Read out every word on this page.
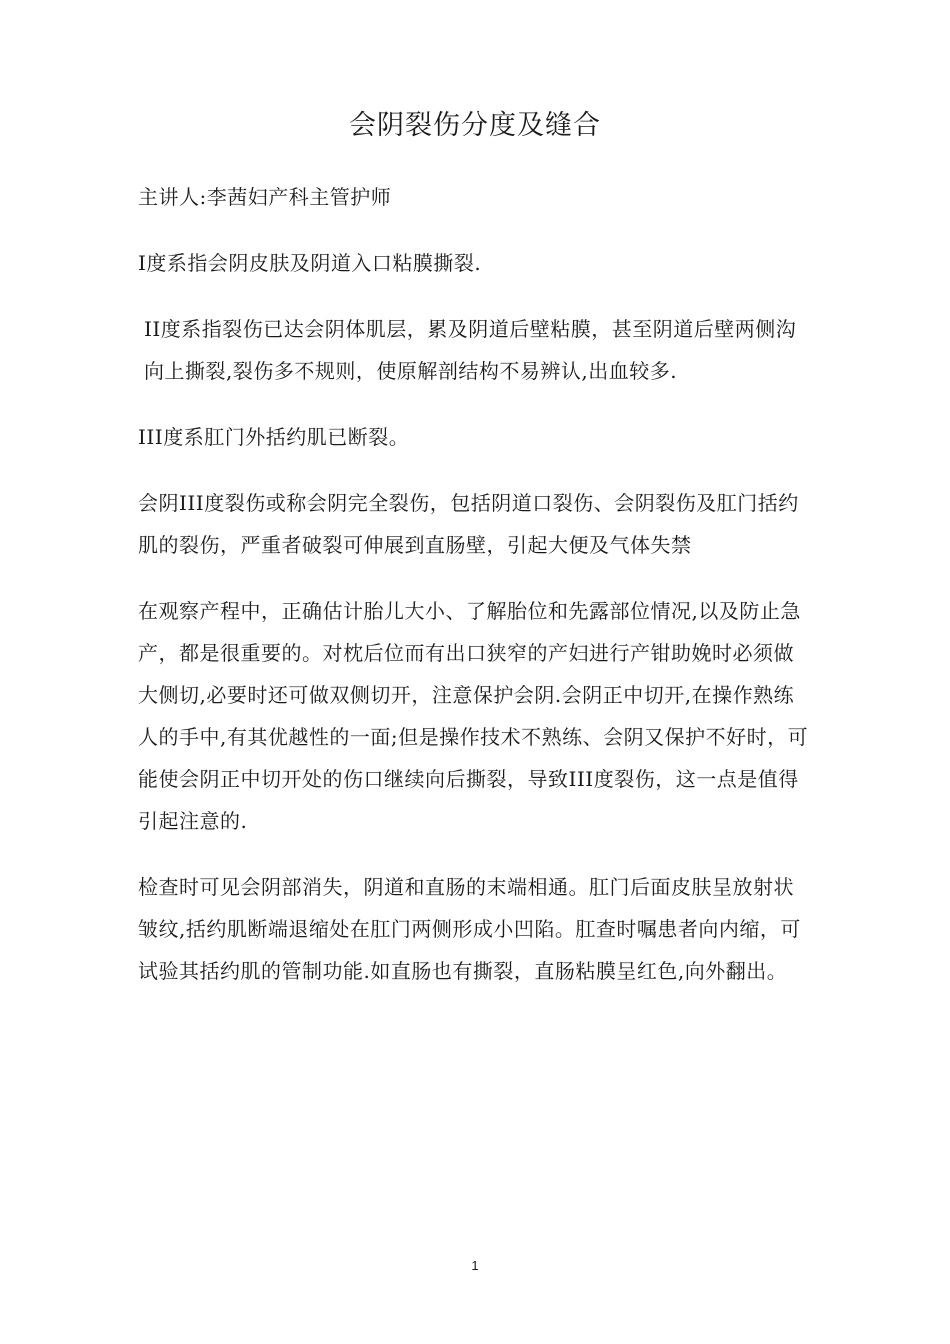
会阴裂伤分度及缝合

主讲人:李茜妇产科主管护师

I度系指会阴皮肤及阴道入口粘膜撕裂.

II度系指裂伤已达会阴体肌层，累及阴道后壁粘膜，甚至阴道后壁两侧沟向上撕裂,裂伤多不规则，使原解剖结构不易辨认,出血较多.

III度系肛门外括约肌已断裂。

会阴III度裂伤或称会阴完全裂伤，包括阴道口裂伤、会阴裂伤及肛门括约肌的裂伤，严重者破裂可伸展到直肠壁，引起大便及气体失禁

在观察产程中，正确估计胎儿大小、了解胎位和先露部位情况,以及防止急产，都是很重要的。对枕后位而有出口狭窄的产妇进行产钳助娩时必须做大侧切,必要时还可做双侧切开，注意保护会阴.会阴正中切开,在操作熟练人的手中,有其优越性的一面;但是操作技术不熟练、会阴又保护不好时，可能使会阴正中切开处的伤口继续向后撕裂，导致III度裂伤，这一点是值得引起注意的.

检查时可见会阴部消失，阴道和直肠的末端相通。肛门后面皮肤呈放射状皱纹,括约肌断端退缩处在肛门两侧形成小凹陷。肛查时嘱患者向内缩，可试验其括约肌的管制功能.如直肠也有撕裂，直肠粘膜呈红色,向外翻出。

1
